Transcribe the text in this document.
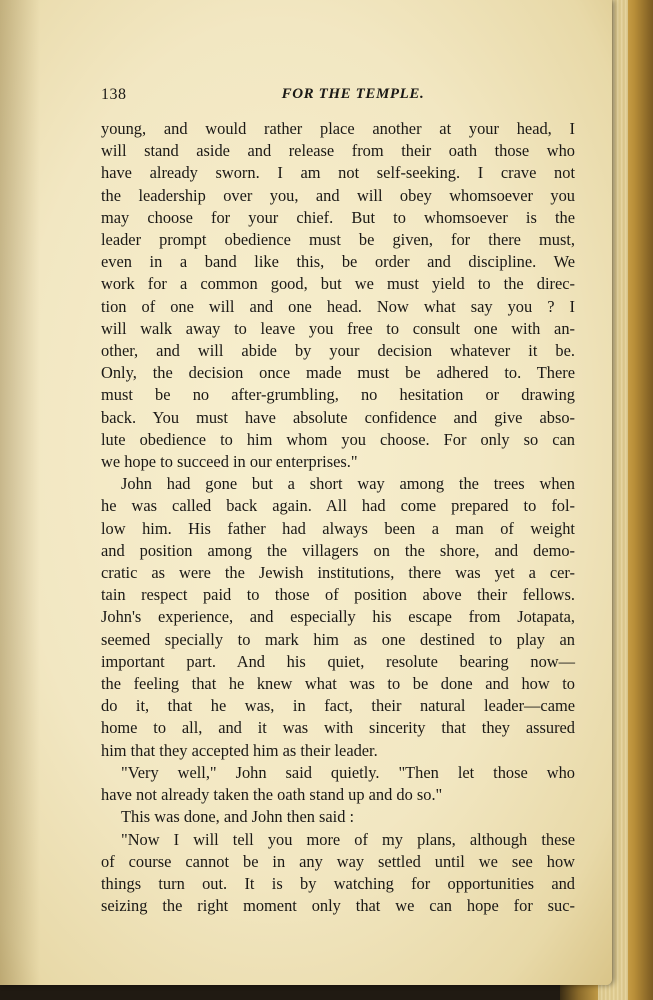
138	FOR THE TEMPLE.
young, and would rather place another at your head, I
will stand aside and release from their oath those who
have already sworn. I am not self-seeking. I crave not
the leadership over you, and will obey whomsoever you
may choose for your chief. But to whomsoever is the
leader prompt obedience must be given, for there must,
even in a band like this, be order and discipline. We
work for a common good, but we must yield to the direc-
tion of one will and one head. Now what say you ? I
will walk away to leave you free to consult one with an-
other, and will abide by your decision whatever it be.
Only, the decision once made must be adhered to. There
must be no after-grumbling, no hesitation or drawing
back. You must have absolute confidence and give abso-
lute obedience to him whom you choose. For only so can
we hope to succeed in our enterprises."
John had gone but a short way among the trees when
he was called back again. All had come prepared to fol-
low him. His father had always been a man of weight
and position among the villagers on the shore, and demo-
cratic as were the Jewish institutions, there was yet a cer-
tain respect paid to those of position above their fellows.
John's experience, and especially his escape from Jotapata,
seemed specially to mark him as one destined to play an
important part. And his quiet, resolute bearing now—
the feeling that he knew what was to be done and how to
do it, that he was, in fact, their natural leader—came
home to all, and it was with sincerity that they assured
him that they accepted him as their leader.
"Very well," John said quietly. "Then let those who
have not already taken the oath stand up and do so."
This was done, and John then said :
"Now I will tell you more of my plans, although these
of course cannot be in any way settled until we see how
things turn out. It is by watching for opportunities and
seizing the right moment only that we can hope for suc-
